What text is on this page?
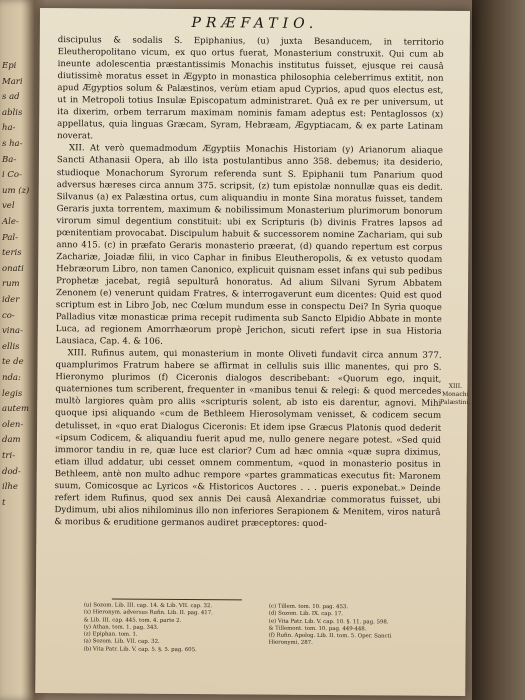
Epi
Mari
s ad
ablis
ha-
s ha-
Ba-
i Co-
um (z)
vel
Ale-
Pal-
teris
onati
rum
ider
co-
vina-
ellis
te de
nda:
legis
autem
olen-
dam
tri-
dod-
ilhe
t
PRÆFATIO.

discipulus & sodalis S. Epiphanius, (u) juxta Besanducem, in territorio Eleutheropolitano vicum, ex quo ortus fuerat, Monasterium construxit. Qui cum ab ineunte adolescentia præstantissimis Monachis institutus fuisset, ejusque rei causâ diutissimè moratus esset in Ægypto in monastica philosophia celeberrimus extitit, non apud Ægyptios solum & Palæstinos, verùm etiam apud Cyprios, apud quos electus est, ut in Metropoli totius Insulæ Episcopatum administraret. Quâ ex re per universum, ut ita dixerim, orbem terrarum maximam nominis famam adeptus est: Pentaglossos (x) appellatus, quia linguas Græcam, Syram, Hebræam, Ægyptiacam, & ex parte Latinam noverat.

XII. At verò quemadmodum Ægyptiis Monachis Historiam (y) Arianorum aliaque Sancti Athanasii Opera, ab illo ista postulantibus anno 358. debemus; ita desiderio, studioque Monachorum Syrorum referenda sunt S. Epiphanii tum Panarium quod adversus hæreses circa annum 375. scripsit, (z) tum epistolæ nonnullæ quas eis dedit. Silvanus (a) ex Palæstina ortus, cum aliquandiu in monte Sina moratus fuisset, tandem Geraris juxta torrentem, maximum & nobilissimum Monasterium plurimorum bonorum virorum simul degentium constituit: ubi ex Scripturis (b) divinis Fratres lapsos ad pœnitentiam provocabat. Discipulum habuit & successorem nomine Zachariam, qui sub anno 415. (c) in præfato Geraris monasterio præerat, (d) quando repertum est corpus Zachariæ, Joiadæ filii, in vico Caphar in finibus Eleutheropolis, & ex vetusto quodam Hebræorum Libro, non tamen Canonico, explicuit quisnam esset infans qui sub pedibus Prophetæ jacebat, regiâ sepulturâ honoratus. Ad alium Silvani Syrum Abbatem Zenonem (e) venerunt quidam Fratres, & interrogaverunt eum dicentes: Quid est quod scriptum est in Libro Job, nec Cœlum mundum esse in conspectu Dei? In Syria quoque Palladius vitæ monasticæ prima recepit rudimenta sub Sancto Elpidio Abbate in monte Luca, ad regionem Amorrhæorum propè Jerichon, sicuti refert ipse in sua Historia Lausiaca, Cap. 4. & 106.

XIII. Rufinus autem, qui monasterium in monte Oliveti fundavit circa annum 377. quamplurimos Fratrum habere se affirmat in cellulis suis illic manentes, qui pro S. Hieronymo plurimos (f) Ciceronis dialogos describebant: «Quorum ego, inquit, quaterniones tum scriberent, frequenter in «manibus tenui & relegi: & quod mercedes multò largiores quàm pro aliis «scripturis solent, ab isto eis darentur, agnovi. Mihi quoque ipsi aliquando «cum de Bethleem Hierosolymam venisset, & codicem secum detulisset, in «quo erat Dialogus Ciceronis: Et idem ipse Græcus Platonis quod dederit «ipsum Codicem, & aliquandiu fuerit apud me, nullo genere negare potest. «Sed quid immoror tandiu in re, quæ luce est clarior? Cum ad hæc omnia «quæ supra diximus, etiam illud addatur, ubi cesset omnem commentum, «quod in monasterio positus in Bethleem, antè non multo adhuc rempore «partes grammaticas executus fit: Maronem suum, Comicosque ac Lyricos «& Historicos Auctores . . . pueris exponebat.» Deinde refert idem Rufinus, quod sex annis Dei causâ Alexandriæ commoratus fuisset, ubi Dydimum, ubi alios nihilominus illo non inferiores Serapionem & Menitem, viros naturâ & moribus & eruditione germanos audiret præceptores: quod-

XIII.
Monachi
Palæstini.
(u) Sozom. Lib. III. cap. 14. & Lib. VII. cap. 32.
(x) Hieronym. adversus Rufin. Lib. II. pag. 417.
& Lib. III. cap. 445. tom. 4. parte 2.
(y) Athan. tom. 1. pag. 343.
(z) Epiphan. tom. 1.
(a) Sozom. Lib. VII. cap. 32.
(b) Vita Patr. Lib. V. cap. 5. §. 5. pag. 605.
(c) Tillem. tom. 10. pag. 453.
(d) Sozom. Lib. IX. cap. 17.
(e) Vita Patr. Lib. V. cap. 10. §. 11. pag. 598.
& Tillemont. tom. 10. pag. 449-448.
(f) Rufin. Apolog. Lib. II. tom. 5. Oper. Sancti
Hieronymi, 287.
